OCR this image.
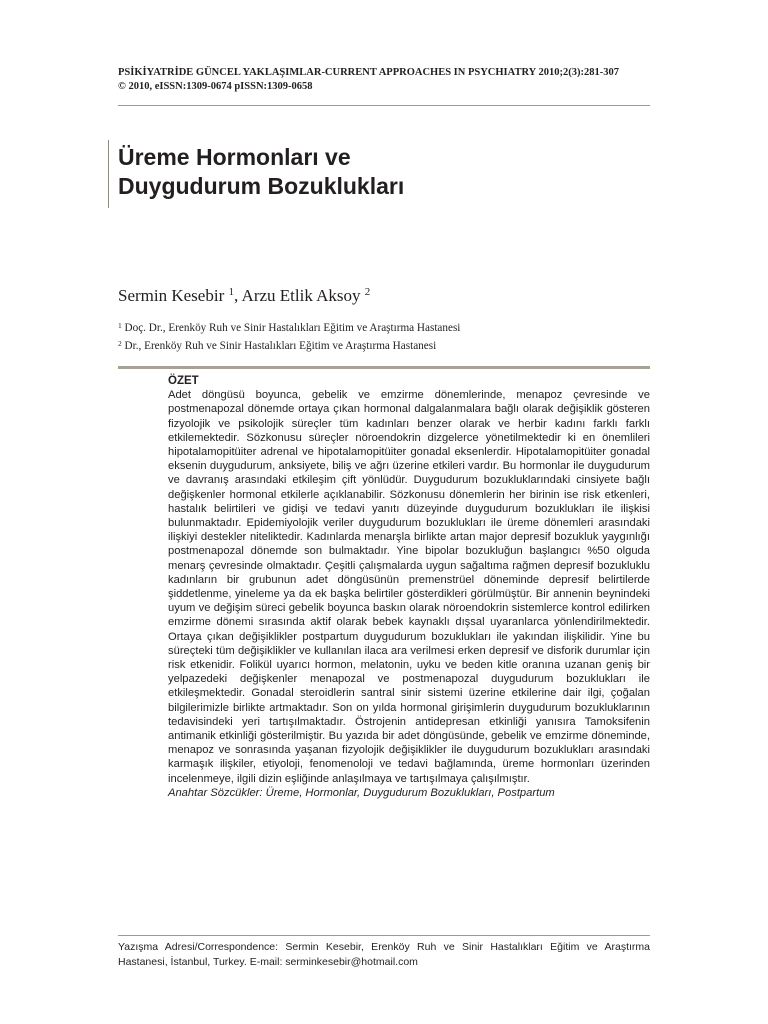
PSİKİYATRİDE GÜNCEL YAKLAŞIMLAR-CURRENT APPROACHES IN PSYCHIATRY 2010;2(3):281-307
© 2010, eISSN:1309-0674 pISSN:1309-0658
Üreme Hormonları ve
Duygudurum Bozuklukları
Sermin Kesebir $^1$, Arzu Etlik Aksoy $^2$
$^1$ Doç. Dr., Erenköy Ruh ve Sinir Hastalıkları Eğitim ve Araştırma Hastanesi
$^2$ Dr., Erenköy Ruh ve Sinir Hastalıkları Eğitim ve Araştırma Hastanesi
ÖZET
Adet döngüsü boyunca, gebelik ve emzirme dönemlerinde, menapoz çevresinde ve postmenapozal dönemde ortaya çıkan hormonal dalgalanmalara bağlı olarak değişiklik gösteren fizyolojik ve psikolojik süreçler tüm kadınları benzer olarak ve herbir kadını farklı farklı etkilemektedir. Sözkonusu süreçler nöroendokrin dizgelerce yönetilmektedir ki en önemlileri hipotalamopitüiter adrenal ve hipotalamopitüiter gonadal eksenlerdir. Hipotalamopitüiter gonadal eksenin duygudurum, anksiyete, biliş ve ağrı üzerine etkileri vardır. Bu hormonlar ile duygudurum ve davranış arasındaki etkileşim çift yönlüdür. Duygudurum bozukluklarındaki cinsiyete bağlı değişkenler hormonal etkilerle açıklanabilir. Sözkonusu dönemlerin her birinin ise risk etkenleri, hastalık belirtileri ve gidişi ve tedavi yanıtı düzeyinde duygudurum bozuklukları ile ilişkisi bulunmaktadır. Epidemiyolojik veriler duygudurum bozuklukları ile üreme dönemleri arasındaki ilişkiyi destekler niteliktedir. Kadınlarda menarşla birlikte artan major depresif bozukluk yaygınlığı postmenapozal dönemde son bulmaktadır. Yine bipolar bozukluğun başlangıcı %50 olguda menarş çevresinde olmaktadır. Çeşitli çalışmalarda uygun sağaltıma rağmen depresif bozukluklu kadınların bir grubunun adet döngüsünün premenstrüel döneminde depresif belirtilerde şiddetlenme, yineleme ya da ek başka belirtiler gösterdikleri görülmüştür. Bir annenin beynindeki uyum ve değişim süreci gebelik boyunca baskın olarak nöroendokrin sistemlerce kontrol edilirken emzirme dönemi sırasında aktif olarak bebek kaynaklı dışsal uyaranlarca yönlendirilmektedir. Ortaya çıkan değişiklikler postpartum duygudurum bozuklukları ile yakından ilişkilidir. Yine bu süreçteki tüm değişiklikler ve kullanılan ilaca ara verilmesi erken depresif ve disforik durumlar için risk etkenidir. Folikül uyarıcı hormon, melatonin, uyku ve beden kitle oranına uzanan geniş bir yelpazedeki değişkenler menapozal ve postmenapozal duygudurum bozuklukları ile etkileşmektedir. Gonadal steroidlerin santral sinir sistemi üzerine etkilerine dair ilgi, çoğalan bilgilerimizle birlikte artmaktadır. Son on yılda hormonal girişimlerin duygudurum bozukluklarının tedavisindeki yeri tartışılmaktadır. Östrojenin antidepresan etkinliği yanısıra Tamoksifenin antimanik etkinliği gösterilmiştir. Bu yazıda bir adet döngüsünde, gebelik ve emzirme döneminde, menapoz ve sonrasında yaşanan fizyolojik değişiklikler ile duygudurum bozuklukları arasındaki karmaşık ilişkiler, etiyoloji, fenomenoloji ve tedavi bağlamında, üreme hormonları üzerinden incelenmeye, ilgili dizin eşliğinde anlaşılmaya ve tartışılmaya çalışılmıştır.
Anahtar Sözcükler: Üreme, Hormonlar, Duygudurum Bozuklukları, Postpartum
Yazışma Adresi/Correspondence: Sermin Kesebir, Erenköy Ruh ve Sinir Hastalıkları Eğitim ve Araştırma Hastanesi, İstanbul, Turkey. E-mail: serminkesebir@hotmail.com
